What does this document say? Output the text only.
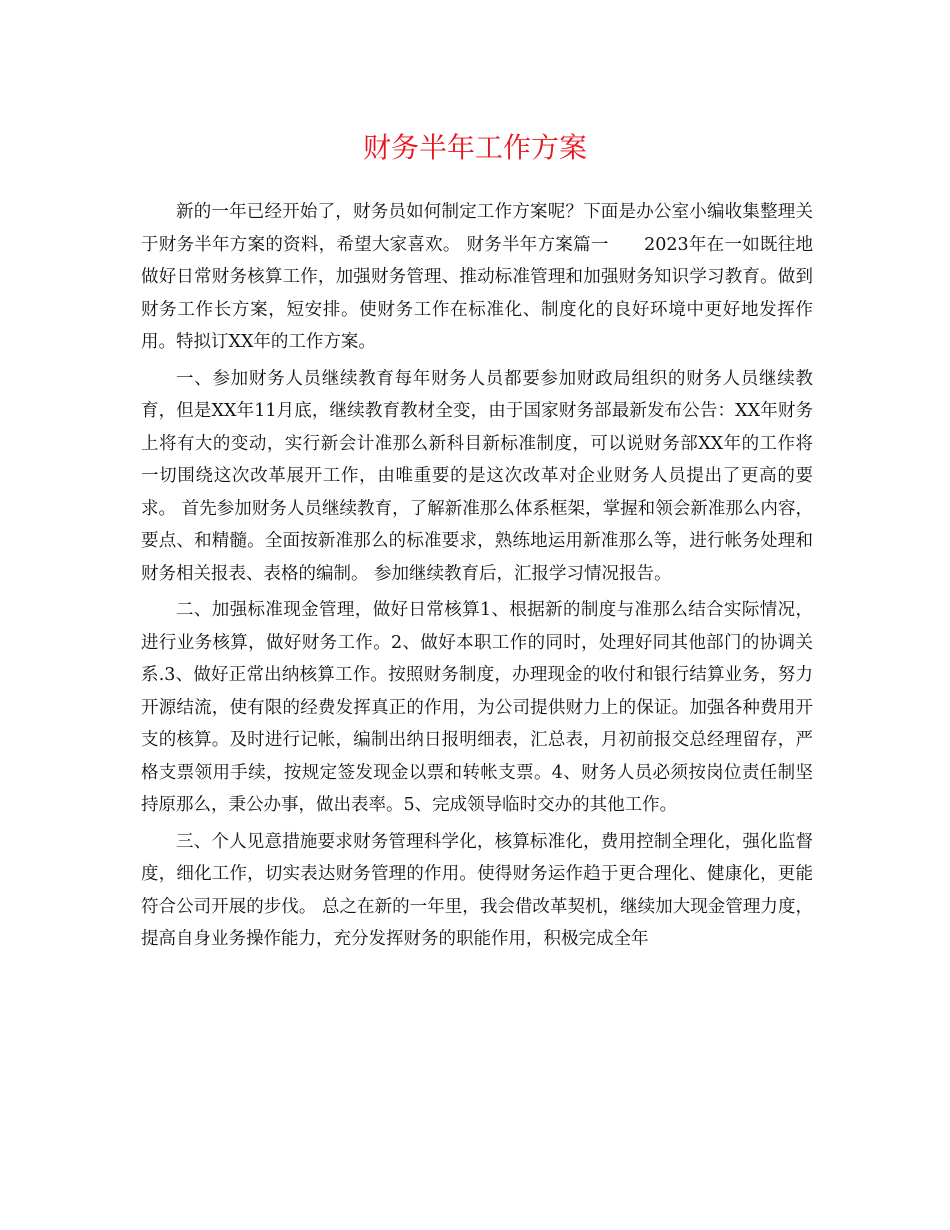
财务半年工作方案

新的一年已经开始了，财务员如何制定工作方案呢？下面是办公室小编收集整理关于财务半年方案的资料，希望大家喜欢。 财务半年方案篇一　　2023年在一如既往地做好日常财务核算工作，加强财务管理、推动标准管理和加强财务知识学习教育。做到财务工作长方案，短安排。使财务工作在标准化、制度化的良好环境中更好地发挥作用。特拟订XX年的工作方案。

一、参加财务人员继续教育每年财务人员都要参加财政局组织的财务人员继续教育，但是XX年11月底，继续教育教材全变，由于国家财务部最新发布公告：XX年财务上将有大的变动，实行新会计准那么新科目新标准制度，可以说财务部XX年的工作将一切围绕这次改革展开工作，由唯重要的是这次改革对企业财务人员提出了更高的要求。 首先参加财务人员继续教育，了解新准那么体系框架，掌握和领会新准那么内容，要点、和精髓。全面按新准那么的标准要求，熟练地运用新准那么等，进行帐务处理和财务相关报表、表格的编制。 参加继续教育后，汇报学习情况报告。

二、加强标准现金管理，做好日常核算1、根据新的制度与准那么结合实际情况，进行业务核算，做好财务工作。2、做好本职工作的同时，处理好同其他部门的协调关系.3、做好正常出纳核算工作。按照财务制度，办理现金的收付和银行结算业务，努力开源结流，使有限的经费发挥真正的作用，为公司提供财力上的保证。加强各种费用开支的核算。及时进行记帐，编制出纳日报明细表，汇总表，月初前报交总经理留存，严格支票领用手续，按规定签发现金以票和转帐支票。4、财务人员必须按岗位责任制坚持原那么，秉公办事，做出表率。5、完成领导临时交办的其他工作。

三、个人见意措施要求财务管理科学化，核算标准化，费用控制全理化，强化监督度，细化工作，切实表达财务管理的作用。使得财务运作趋于更合理化、健康化，更能符合公司开展的步伐。 总之在新的一年里，我会借改革契机，继续加大现金管理力度，提高自身业务操作能力，充分发挥财务的职能作用，积极完成全年
